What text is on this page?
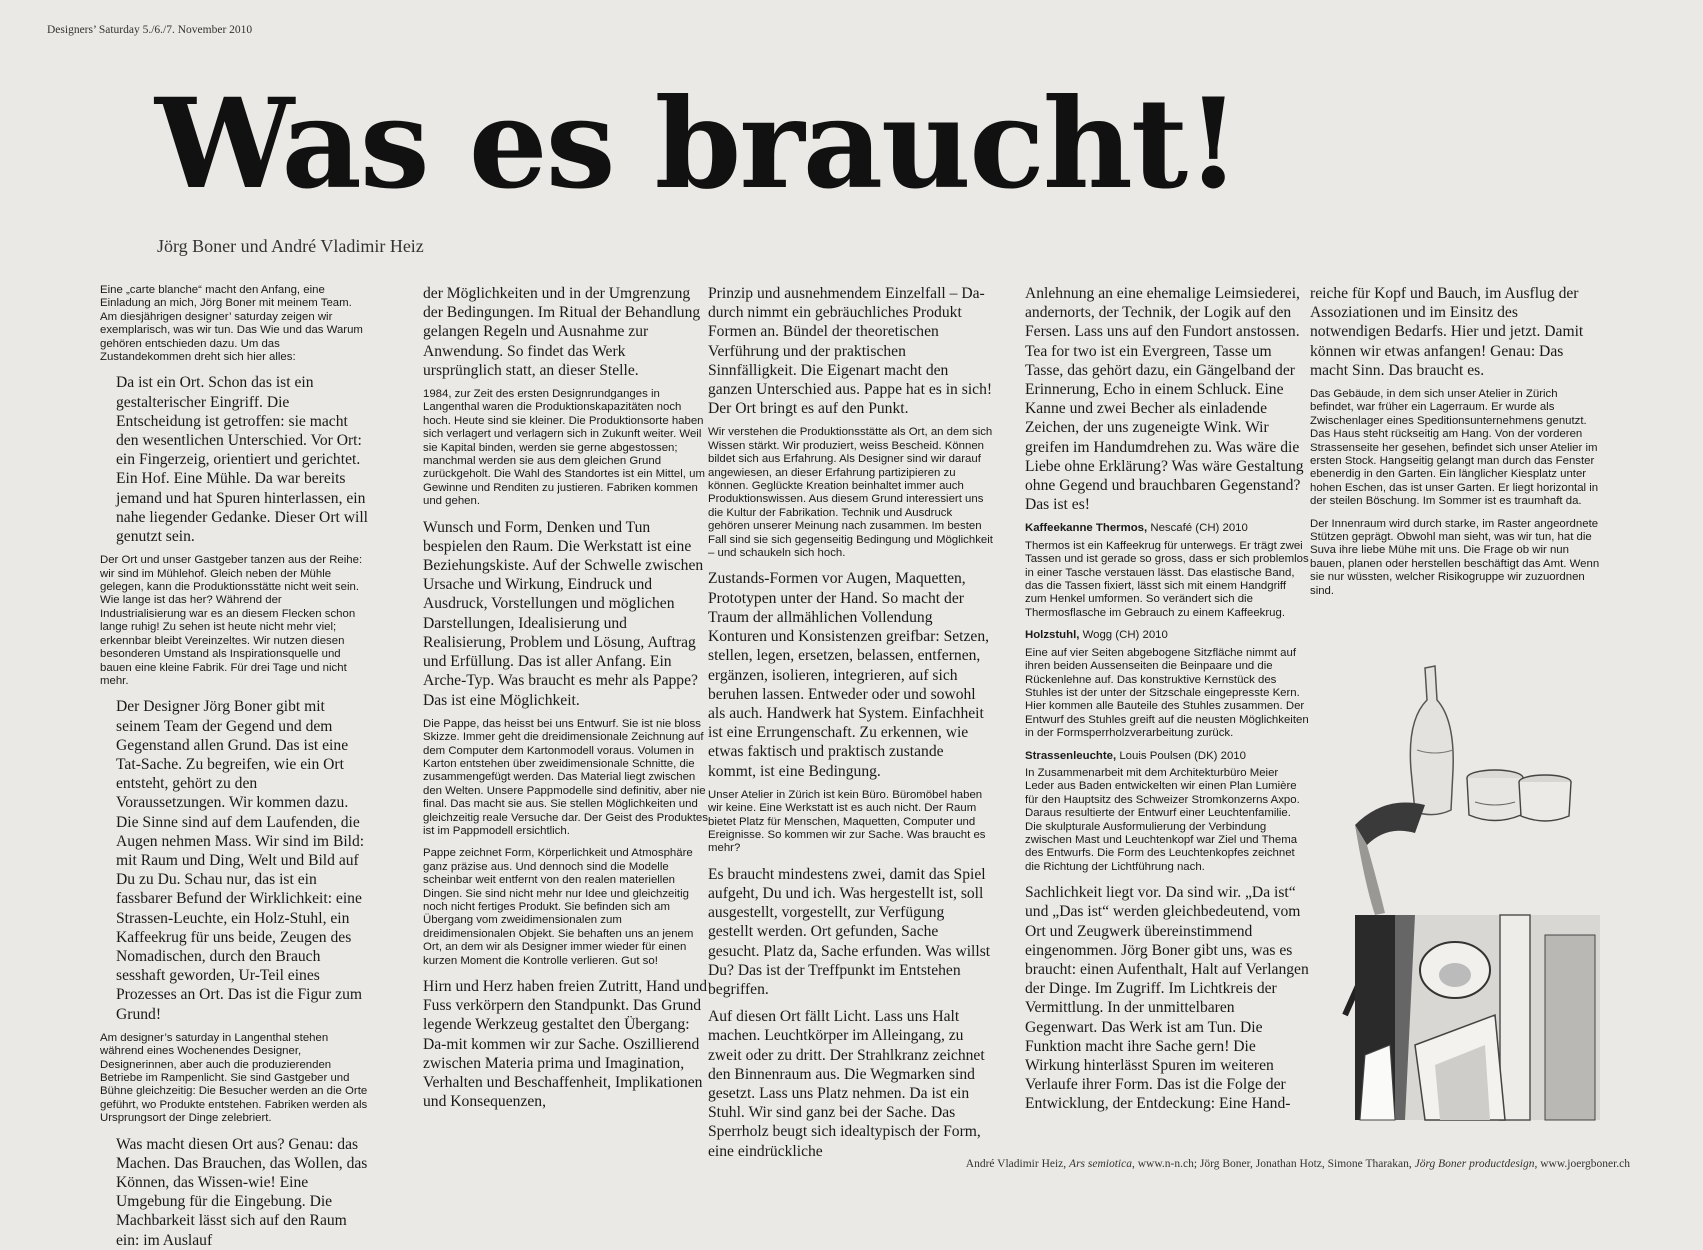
Designers’ Saturday 5./6./7. November 2010
Was es braucht!
Jörg Boner und André Vladimir Heiz

Eine „carte blanche“ macht den Anfang, eine Einladung an mich, Jörg Boner mit meinem Team. Am diesjährigen designer’ saturday zeigen wir exemplarisch, was wir tun. Das Wie und das Warum gehören entschieden dazu. Um das Zustandekommen dreht sich hier alles:

Da ist ein Ort. Schon das ist ein gestalterischer Eingriff. Die Entscheidung ist getroffen: sie macht den wesentlichen Unterschied. Vor Ort: ein Fingerzeig, orientiert und gerichtet. Ein Hof. Eine Mühle. Da war bereits jemand und hat Spuren hinterlassen, ein nahe liegender Gedanke. Dieser Ort will genutzt sein.

Der Ort und unser Gastgeber tanzen aus der Reihe: wir sind im Mühlehof. Gleich neben der Mühle gelegen, kann die Produktionsstätte nicht weit sein. Wie lange ist das her? Während der Industrialisierung war es an diesem Flecken schon lange ruhig! Zu sehen ist heute nicht mehr viel; erkennbar bleibt Vereinzeltes. Wir nutzen diesen besonderen Umstand als Inspirationsquelle und bauen eine kleine Fabrik. Für drei Tage und nicht mehr.

Der Designer Jörg Boner gibt mit seinem Team der Gegend und dem Gegenstand allen Grund. Das ist eine Tat-Sache. Zu begreifen, wie ein Ort entsteht, gehört zu den Voraussetzungen. Wir kommen dazu. Die Sinne sind auf dem Laufenden, die Augen nehmen Mass. Wir sind im Bild: mit Raum und Ding, Welt und Bild auf Du zu Du. Schau nur, das ist ein fassbarer Befund der Wirklichkeit: eine Strassen-Leuchte, ein Holz-Stuhl, ein Kaffeekrug für uns beide, Zeugen des Nomadischen, durch den Brauch sesshaft geworden, Ur-Teil eines Prozesses an Ort. Das ist die Figur zum Grund!

Am designer’s saturday in Langenthal stehen während eines Wochenendes Designer, Designerinnen, aber auch die produzierenden Betriebe im Rampenlicht. Sie sind Gastgeber und Bühne gleichzeitig: Die Besucher werden an die Orte geführt, wo Produkte entstehen. Fabriken werden als Ursprungsort der Dinge zelebriert.

Was macht diesen Ort aus? Genau: das Machen. Das Brauchen, das Wollen, das Können, das Wissen-wie! Eine Umgebung für die Eingebung. Die Machbarkeit lässt sich auf den Raum ein: im Auslauf

der Möglichkeiten und in der Umgrenzung der Bedingungen. Im Ritual der Behandlung gelangen Regeln und Ausnahme zur Anwendung. So findet das Werk ursprünglich statt, an dieser Stelle.

1984, zur Zeit des ersten Designrundganges in Langenthal waren die Produktionskapazitäten noch hoch. Heute sind sie kleiner. Die Produktionsorte haben sich verlagert und verlagern sich in Zukunft weiter. Weil sie Kapital binden, werden sie gerne abgestossen; manchmal werden sie aus dem gleichen Grund zurückgeholt. Die Wahl des Standortes ist ein Mittel, um Gewinne und Renditen zu justieren. Fabriken kommen und gehen.

Wunsch und Form, Denken und Tun bespielen den Raum. Die Werkstatt ist eine Beziehungskiste. Auf der Schwelle zwischen Ursache und Wirkung, Eindruck und Ausdruck, Vorstellungen und möglichen Darstellungen, Idealisierung und Realisierung, Problem und Lösung, Auftrag und Erfüllung. Das ist aller Anfang. Ein Arche-Typ. Was braucht es mehr als Pappe? Das ist eine Möglichkeit.

Die Pappe, das heisst bei uns Entwurf. Sie ist nie bloss Skizze. Immer geht die dreidimensionale Zeichnung auf dem Computer dem Kartonmodell voraus. Volumen in Karton entstehen über zweidimensionale Schnitte, die zusammengefügt werden. Das Material liegt zwischen den Welten. Unsere Pappmodelle sind definitiv, aber nie final. Das macht sie aus. Sie stellen Möglichkeiten und gleichzeitig reale Versuche dar. Der Geist des Produktes ist im Pappmodell ersichtlich.

Pappe zeichnet Form, Körperlichkeit und Atmosphäre ganz präzise aus. Und dennoch sind die Modelle scheinbar weit entfernt von den realen materiellen Dingen. Sie sind nicht mehr nur Idee und gleichzeitig noch nicht fertiges Produkt. Sie befinden sich am Übergang vom zweidimensionalen zum dreidimensionalen Objekt. Sie behaften uns an jenem Ort, an dem wir als Designer immer wieder für einen kurzen Moment die Kontrolle verlieren. Gut so!

Hirn und Herz haben freien Zutritt, Hand und Fuss verkörpern den Standpunkt. Das Grund legende Werkzeug gestaltet den Übergang: Da-mit kommen wir zur Sache. Oszillierend zwischen Materia prima und Imagination, Verhalten und Beschaffenheit, Implikationen und Konsequenzen,

Prinzip und ausnehmendem Einzelfall – Da-durch nimmt ein gebräuchliches Produkt Formen an. Bündel der theoretischen Verführung und der praktischen Sinnfälligkeit. Die Eigenart macht den ganzen Unterschied aus. Pappe hat es in sich! Der Ort bringt es auf den Punkt.

Wir verstehen die Produktionsstätte als Ort, an dem sich Wissen stärkt. Wir produziert, weiss Bescheid. Können bildet sich aus Erfahrung. Als Designer sind wir darauf angewiesen, an dieser Erfahrung partizipieren zu können. Geglückte Kreation beinhaltet immer auch Produktionswissen. Aus diesem Grund interessiert uns die Kultur der Fabrikation. Technik und Ausdruck gehören unserer Meinung nach zusammen. Im besten Fall sind sie sich gegenseitig Bedingung und Möglichkeit – und schaukeln sich hoch.

Zustands-Formen vor Augen, Maquetten, Prototypen unter der Hand. So macht der Traum der allmählichen Vollendung Konturen und Konsistenzen greifbar: Setzen, stellen, legen, ersetzen, belassen, entfernen, ergänzen, isolieren, integrieren, auf sich beruhen lassen. Entweder oder und sowohl als auch. Handwerk hat System. Einfachheit ist eine Errungenschaft. Zu erkennen, wie etwas faktisch und praktisch zustande kommt, ist eine Bedingung.

Unser Atelier in Zürich ist kein Büro. Büromöbel haben wir keine. Eine Werkstatt ist es auch nicht. Der Raum bietet Platz für Menschen, Maquetten, Computer und Ereignisse. So kommen wir zur Sache. Was braucht es mehr?

Es braucht mindestens zwei, damit das Spiel aufgeht, Du und ich. Was hergestellt ist, soll ausgestellt, vorgestellt, zur Verfügung gestellt werden. Ort gefunden, Sache gesucht. Platz da, Sache erfunden. Was willst Du? Das ist der Treffpunkt im Entstehen begriffen.

Auf diesen Ort fällt Licht. Lass uns Halt machen. Leuchtkörper im Alleingang, zu zweit oder zu dritt. Der Strahlkranz zeichnet den Binnenraum aus. Die Wegmarken sind gesetzt. Lass uns Platz nehmen. Da ist ein Stuhl. Wir sind ganz bei der Sache. Das Sperrholz beugt sich idealtypisch der Form, eine eindrückliche

Anlehnung an eine ehemalige Leimsiederei, andernorts, der Technik, der Logik auf den Fersen. Lass uns auf den Fundort anstossen. Tea for two ist ein Evergreen, Tasse um Tasse, das gehört dazu, ein Gängelband der Erinnerung, Echo in einem Schluck. Eine Kanne und zwei Becher als einladende Zeichen, der uns zugeneigte Wink. Wir greifen im Handumdrehen zu. Was wäre die Liebe ohne Erklärung? Was wäre Gestaltung ohne Gegend und brauchbaren Gegenstand? Das ist es!

Kaffeekanne Thermos, Nescafé (CH) 2010

Thermos ist ein Kaffeekrug für unterwegs. Er trägt zwei Tassen und ist gerade so gross, dass er sich problemlos in einer Tasche verstauen lässt. Das elastische Band, das die Tassen fixiert, lässt sich mit einem Handgriff zum Henkel umformen. So verändert sich die Thermosflasche im Gebrauch zu einem Kaffeekrug.

Holzstuhl, Wogg (CH) 2010

Eine auf vier Seiten abgebogene Sitzfläche nimmt auf ihren beiden Aussenseiten die Beinpaare und die Rückenlehne auf. Das konstruktive Kernstück des Stuhles ist der unter der Sitzschale eingepresste Kern. Hier kommen alle Bauteile des Stuhles zusammen. Der Entwurf des Stuhles greift auf die neusten Möglichkeiten in der Formsperrholzverarbeitung zurück.

Strassenleuchte, Louis Poulsen (DK) 2010

In Zusammenarbeit mit dem Architekturbüro Meier Leder aus Baden entwickelten wir einen Plan Lumière für den Hauptsitz des Schweizer Stromkonzerns Axpo. Daraus resultierte der Entwurf einer Leuchtenfamilie. Die skulpturale Ausformulierung der Verbindung zwischen Mast und Leuchtenkopf war Ziel und Thema des Entwurfs. Die Form des Leuchtenkopfes zeichnet die Richtung der Lichtführung nach.

Sachlichkeit liegt vor. Da sind wir. „Da ist“ und „Das ist“ werden gleichbedeutend, vom Ort und Zeugwerk übereinstimmend eingenommen. Jörg Boner gibt uns, was es braucht: einen Aufenthalt, Halt auf Verlangen der Dinge. Im Zugriff. Im Lichtkreis der Vermittlung. In der unmittelbaren Gegenwart. Das Werk ist am Tun. Die Funktion macht ihre Sache gern! Die Wirkung hinterlässt Spuren im weiteren Verlaufe ihrer Form. Das ist die Folge der Entwicklung, der Entdeckung: Eine Hand-

reiche für Kopf und Bauch, im Ausflug der Assoziationen und im Einsitz des notwendigen Bedarfs. Hier und jetzt. Damit können wir etwas anfangen! Genau: Das macht Sinn. Das braucht es.

Das Gebäude, in dem sich unser Atelier in Zürich befindet, war früher ein Lagerraum. Er wurde als Zwischenlager eines Speditionsunternehmens genutzt. Das Haus steht rückseitig am Hang. Von der vorderen Strassenseite her gesehen, befindet sich unser Atelier im ersten Stock. Hangseitig gelangt man durch das Fenster ebenerdig in den Garten. Ein länglicher Kiesplatz unter hohen Eschen, das ist unser Garten. Er liegt horizontal in der steilen Böschung. Im Sommer ist es traumhaft da.

Der Innenraum wird durch starke, im Raster angeordnete Stützen geprägt. Obwohl man sieht, was wir tun, hat die Suva ihre liebe Mühe mit uns. Die Frage ob wir nun bauen, planen oder herstellen beschäftigt das Amt. Wenn sie nur wüssten, welcher Risikogruppe wir zuzuordnen sind.

André Vladimir Heiz, Ars semiotica, www.n-n.ch; Jörg Boner, Jonathan Hotz, Simone Tharakan, Jörg Boner productdesign, www.joergboner.ch
